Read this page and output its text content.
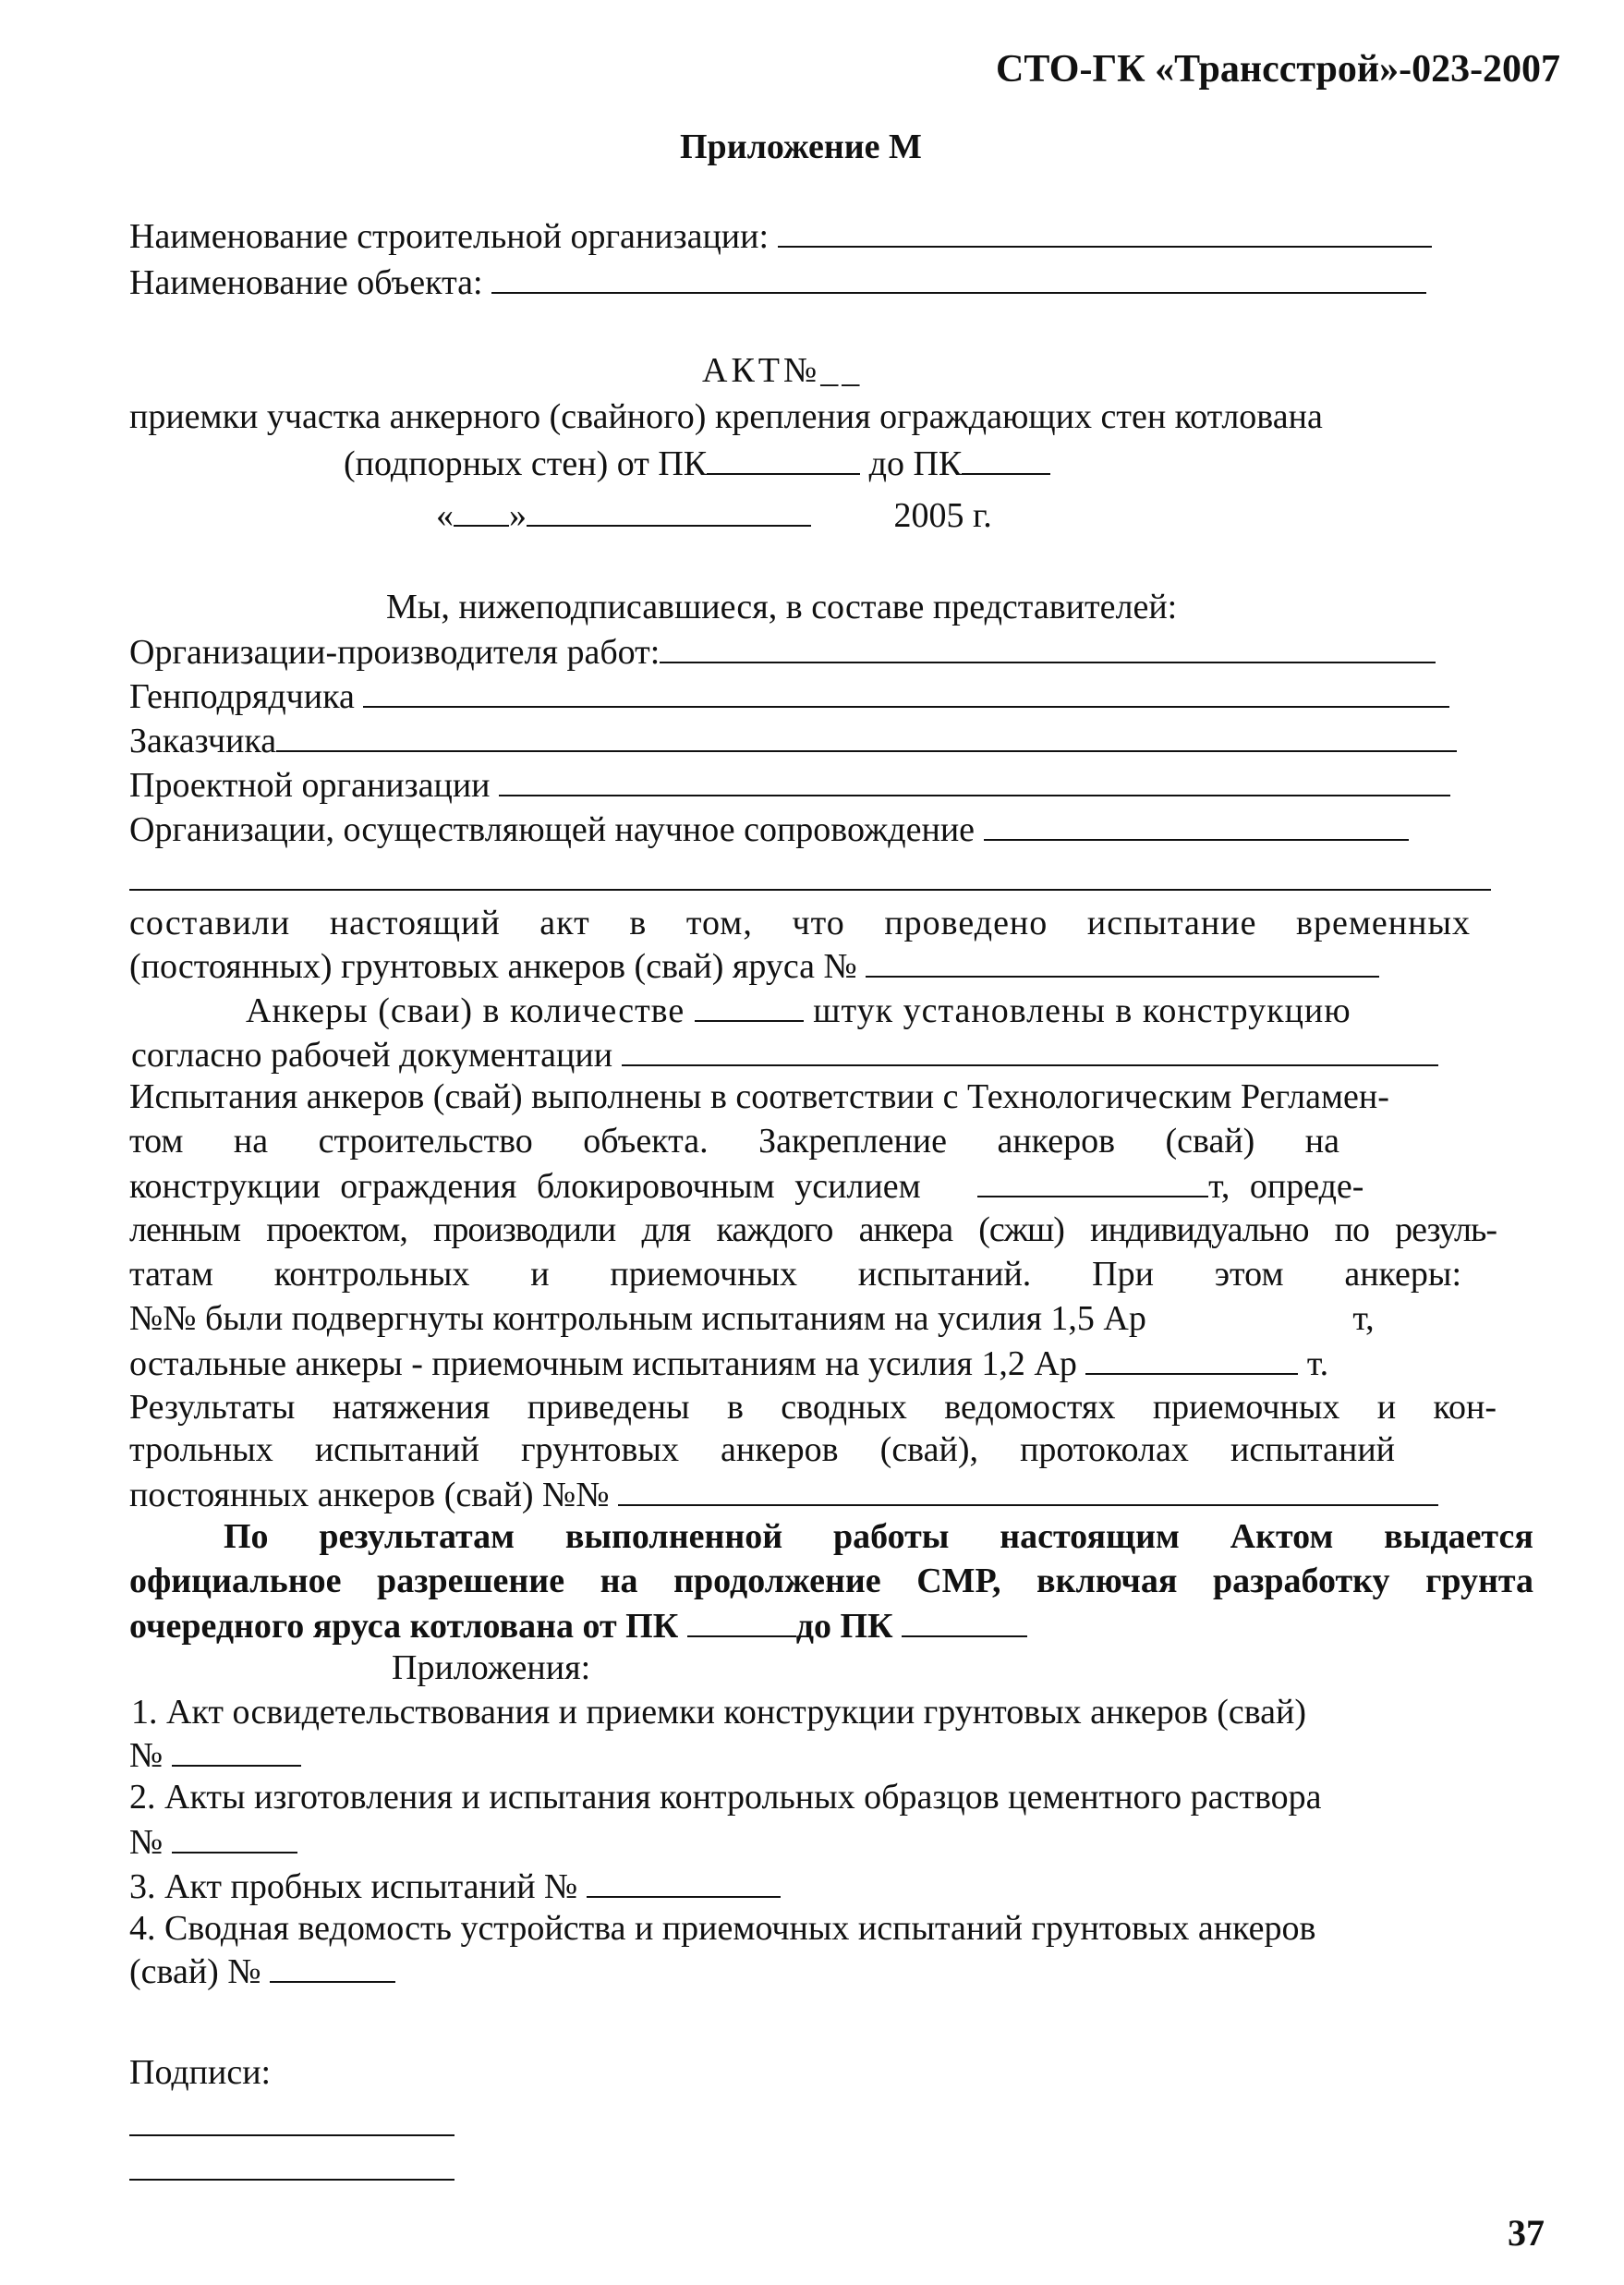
СТО-ГК «Трансстрой»-023-2007
Приложение М
Наименование строительной организации:
Наименование объекта:
АКТ№__
приемки участка анкерного (свайного) крепления ограждающих стен котлована
(подпорных стен) от ПК	до ПК
« »	2005 г.
Мы, нижеподписавшиеся, в составе представителей:
Организации-производителя работ:
Генподрядчика
Заказчика
Проектной организации
Организации, осуществляющей научное сопровождение
составили настоящий акт в том, что проведено испытание временных
(постоянных) грунтовых анкеров (свай) яруса №
Анкеры (сваи) в количестве	штук установлены в конструкцию
согласно рабочей документации
Испытания анкеров (свай) выполнены в соответствии с Технологическим Регламен-
том на строительство объекта. Закрепление анкеров (свай) на
конструкции ограждения блокировочным усилием	т, опреде-
ленным проектом, производили для каждого анкера (сжш) индивидуально по резуль-
татам контрольных и приемочных испытаний. При этом анкеры:
№№ были подвергнуты контрольным испытаниям на усилия 1,5 Ар	т,
остальные анкеры - приемочным испытаниям на усилия 1,2 Ар	т.
Результаты натяжения приведены в сводных ведомостях приемочных и кон-
трольных испытаний грунтовых анкеров (свай), протоколах испытаний
постоянных анкеров (свай) №№
По результатам выполненной работы настоящим Актом выдается
официальное разрешение на продолжение СМР, включая разработку грунта
очередного яруса котлована от ПК	до ПК
Приложения:
1. Акт освидетельствования и приемки конструкции грунтовых анкеров (свай)
№
2. Акты изготовления и испытания контрольных образцов цементного раствора
№
3. Акт пробных испытаний №
4. Сводная ведомость устройства и приемочных испытаний грунтовых анкеров
(свай) №
Подписи:
37
